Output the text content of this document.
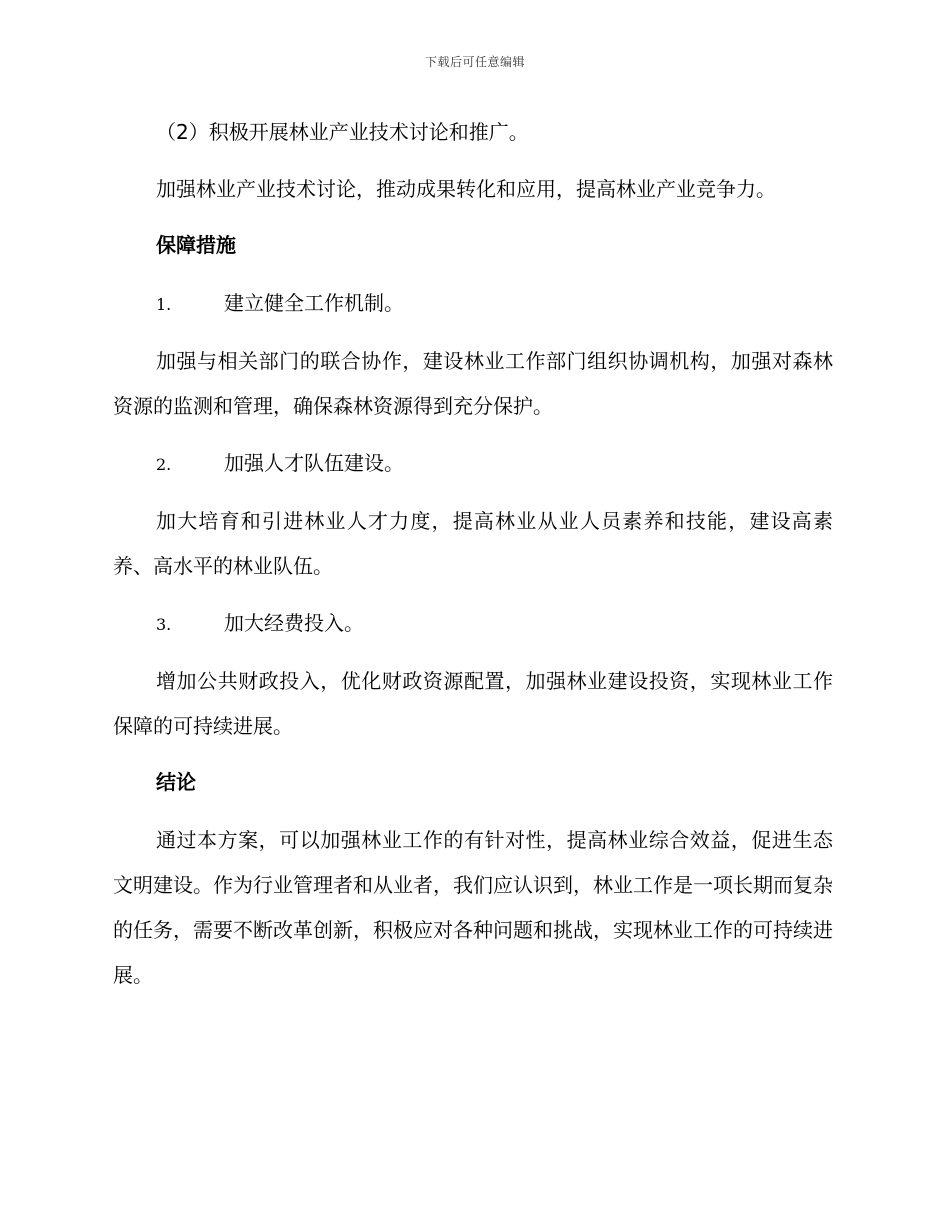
下载后可任意编辑
（2）积极开展林业产业技术讨论和推广。
加强林业产业技术讨论，推动成果转化和应用，提高林业产业竞争力。
保障措施
1.	建立健全工作机制。
加强与相关部门的联合协作，建设林业工作部门组织协调机构，加强对森林资源的监测和管理，确保森林资源得到充分保护。
2.	加强人才队伍建设。
加大培育和引进林业人才力度，提高林业从业人员素养和技能，建设高素养、高水平的林业队伍。
3.	加大经费投入。
增加公共财政投入，优化财政资源配置，加强林业建设投资，实现林业工作保障的可持续进展。
结论
通过本方案，可以加强林业工作的有针对性，提高林业综合效益，促进生态文明建设。作为行业管理者和从业者，我们应认识到，林业工作是一项长期而复杂的任务，需要不断改革创新，积极应对各种问题和挑战，实现林业工作的可持续进展。
